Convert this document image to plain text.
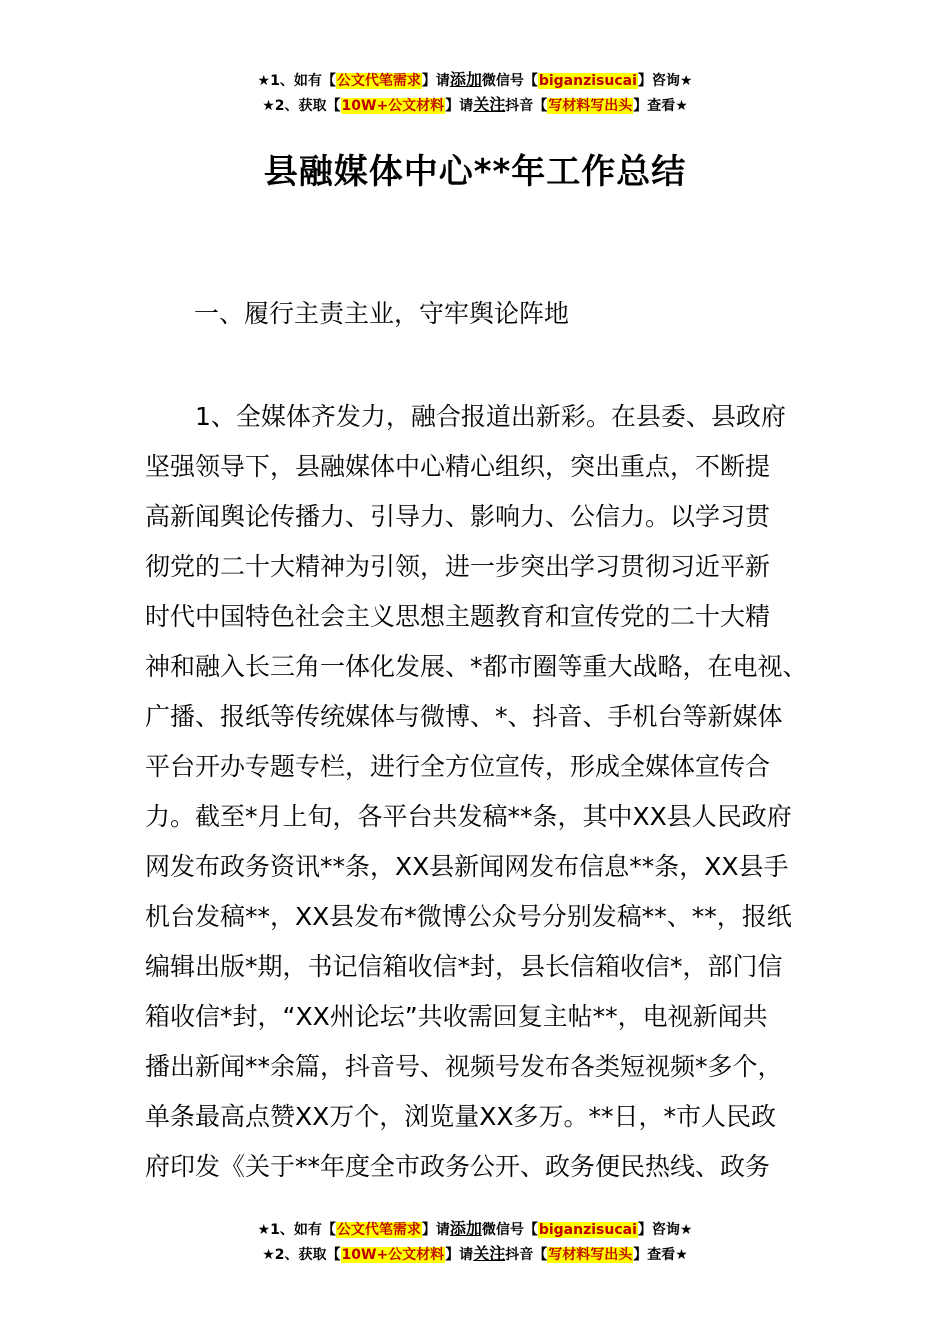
★1、如有【公文代笔需求】请添加微信号【biganzisucai】咨询★
★2、获取【10W+公文材料】请关注抖音【写材料写出头】查看★
县融媒体中心**年工作总结
一、履行主责主业，守牢舆论阵地
1、全媒体齐发力，融合报道出新彩。在县委、县政府
坚强领导下，县融媒体中心精心组织，突出重点，不断提
高新闻舆论传播力、引导力、影响力、公信力。以学习贯
彻党的二十大精神为引领，进一步突出学习贯彻习近平新
时代中国特色社会主义思想主题教育和宣传党的二十大精
神和融入长三角一体化发展、*都市圈等重大战略，在电视、
广播、报纸等传统媒体与微博、*、抖音、手机台等新媒体
平台开办专题专栏，进行全方位宣传，形成全媒体宣传合
力。截至*月上旬，各平台共发稿**条，其中XX县人民政府
网发布政务资讯**条，XX县新闻网发布信息**条，XX县手
机台发稿**，XX县发布*微博公众号分别发稿**、**，报纸
编辑出版*期，书记信箱收信*封，县长信箱收信*，部门信
箱收信*封，“XX州论坛”共收需回复主帖**，电视新闻共
播出新闻**余篇，抖音号、视频号发布各类短视频*多个，
单条最高点赞XX万个，浏览量XX多万。**日，*市人民政
府印发《关于**年度全市政务公开、政务便民热线、政务
★1、如有【公文代笔需求】请添加微信号【biganzisucai】咨询★
★2、获取【10W+公文材料】请关注抖音【写材料写出头】查看★
